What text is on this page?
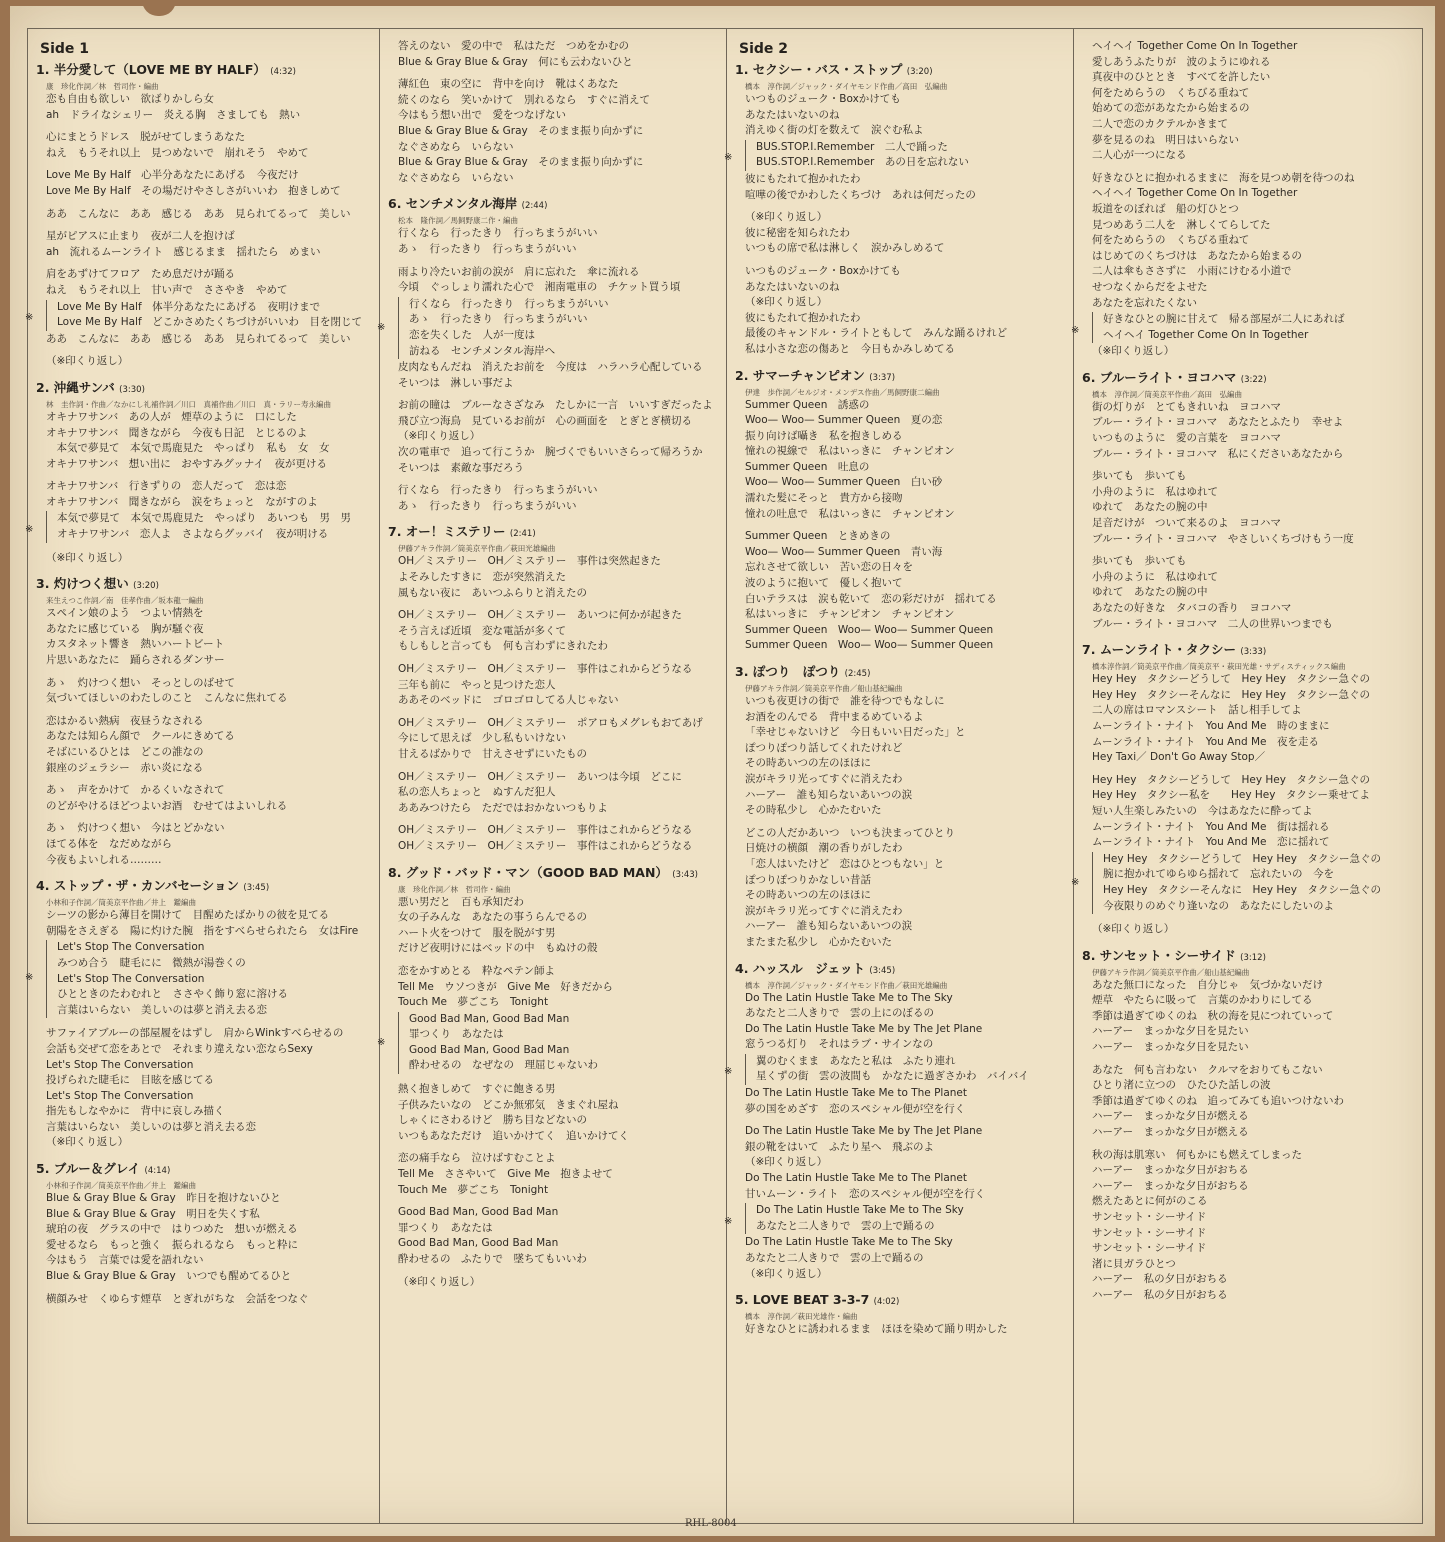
Side 1
1. 半分愛して（LOVE ME BY HALF） (4:32)
康　珍化作詞／林　哲司作・編曲
恋も自由も欲しい　欲ばりかしら女
ah　ドライなシェリー　炎える胸　さましても　熱い
心にまとうドレス　脱がせてしまうあなた
ねえ　もうそれ以上　見つめないで　崩れそう　やめて
Love Me By Half　心半分あなたにあげる　今夜だけ
Love Me By Half　その場だけやさしさがいいわ　抱きしめて
ああ　こんなに　ああ　感じる　ああ　見られてるって　美しい
星がピアスに止まり　夜が二人を抱けば
ah　流れるムーンライト　感じるまま　揺れたら　めまい
肩をあずけてフロア　ため息だけが踊る
ねえ　もうそれ以上　甘い声で　ささやき　やめて
※
Love Me By Half　体半分あなたにあげる　夜明けまで
Love Me By Half　どこかさめたくちづけがいいわ　目を閉じて
ああ　こんなに　ああ　感じる　ああ　見られてるって　美しい
（※印くり返し）
2. 沖縄サンバ (3:30)
林　圭作詞・作曲／なかにし礼補作詞／川口　真補作曲／川口　真・ラリー寿永編曲
オキナワサンバ　あの人が　煙草のように　口にした
オキナワサンバ　聞きながら　今夜も日記　とじるのよ
　本気で夢見て　本気で馬鹿見た　やっぱり　私も　女　女
オキナワサンバ　想い出に　おやすみグッナイ　夜が更ける
オキナワサンバ　行きずりの　恋人だって　恋は恋
オキナワサンバ　聞きながら　涙をちょっと　ながすのよ
※
本気で夢見て　本気で馬鹿見た　やっぱり　あいつも　男　男
オキナワサンバ　恋人よ　さよならグッバイ　夜が明ける
（※印くり返し）
3. 灼けつく想い (3:20)
来生えつこ作詞／南　佳孝作曲／坂本龍一編曲
スペイン娘のよう　つよい情熱を
あなたに感じている　胸が騒ぐ夜
カスタネット響き　熱いハートビート
片思いあなたに　踊らされるダンサー
あゝ　灼けつく想い　そっとしのばせて
気づいてほしいのわたしのこと　こんなに焦れてる
恋はかるい熱病　夜昼うなされる
あなたは知らん顔で　クールにきめてる
そばにいるひとは　どこの誰なの
銀座のジェラシー　赤い炎になる
あゝ　声をかけて　かるくいなされて
のどがやけるほどつよいお酒　むせてはよいしれる
あゝ　灼けつく想い　今はとどかない
ほてる体を　なだめながら
今夜もよいしれる………
4. ストップ・ザ・カンバセーション (3:45)
小林和子作詞／筒美京平作曲／井上　鑑編曲
シーツの影から薄目を開けて　目醒めたばかりの彼を見てる
朝陽をさえぎる　陽に灼けた腕　指をすべらせられたら　女はFire
※
Let's Stop The Conversation
みつめ合う　睫毛にに　微熱が湯巻くの
Let's Stop The Conversation
ひとときのたわむれと　ささやく飾り窓に溶ける
言葉はいらない　美しいのは夢と消え去る恋
サファイアブルーの部屋履をはずし　肩からWinkすべらせるの
会話も交ぜて恋をあとで　それまり違えない恋ならSexy
Let's Stop The Conversation
投げられた睫毛に　目眩を感じてる
Let's Stop The Conversation
指先もしなやかに　背中に哀しみ描く
言葉はいらない　美しいのは夢と消え去る恋
（※印くり返し）
5. ブルー＆グレイ (4:14)
小林和子作詞／筒美京平作曲／井上　鑑編曲
Blue & Gray Blue & Gray　昨日を抱けないひと
Blue & Gray Blue & Gray　明日を失くす私
琥珀の夜　グラスの中で　はりつめた　想いが燃える
愛せるなら　もっと強く　振られるなら　もっと粋に
今はもう　言葉では愛を語れない
Blue & Gray Blue & Gray　いつでも醒めてるひと
横顔みせ　くゆらす煙草　とぎれがちな　会話をつなぐ
答えのない　愛の中で　私はただ　つめをかむの
Blue & Gray Blue & Gray　何にも云わないひと
薄紅色　東の空に　背中を向け　靴はくあなた
続くのなら　笑いかけて　別れるなら　すぐに消えて
今はもう想い出で　愛をつなげない
Blue & Gray Blue & Gray　そのまま振り向かずに
なぐさめなら　いらない
Blue & Gray Blue & Gray　そのまま振り向かずに
なぐさめなら　いらない
6. センチメンタル海岸 (2:44)
松本　隆作詞／馬飼野康二作・編曲
行くなら　行ったきり　行っちまうがいい
あゝ　行ったきり　行っちまうがいい
雨より冷たいお前の涙が　肩に忘れた　傘に流れる
今頃　ぐっしょり濡れた心で　湘南電車の　チケット買う頃
※
行くなら　行ったきり　行っちまうがいい
あゝ　行ったきり　行っちまうがいい
恋を失くした　人が一度は
訪ねる　センチメンタル海岸へ
皮肉なもんだね　消えたお前を　今度は　ハラハラ心配している
そいつは　淋しい事だよ
お前の瞳は　ブルーなさざなみ　たしかに一言　いいすぎだったよ
飛び立つ海鳥　見ているお前が　心の画面を　とぎとぎ横切る
（※印くり返し）
次の電車で　追って行こうか　腕づくでもいいさらって帰ろうか
そいつは　素敵な事だろう
行くなら　行ったきり　行っちまうがいい
あゝ　行ったきり　行っちまうがいい
7. オー！ミステリー (2:41)
伊藤アキラ作詞／筒美京平作曲／萩田光雄編曲
OH／ミステリー　OH／ミステリー　事件は突然起きた
よそみしたすきに　恋が突然消えた
風もない夜に　あいつふらりと消えたの
OH／ミステリー　OH／ミステリー　あいつに何かが起きた
そう言えば近頃　変な電話が多くて
もしもしと言っても　何も言わずにきれたわ
OH／ミステリー　OH／ミステリー　事件はこれからどうなる
三年も前に　やっと見つけた恋人
ああそのベッドに　ゴロゴロしてる人じゃない
OH／ミステリー　OH／ミステリー　ポアロもメグレもおてあげ
今にして思えば　少し私もいけない
甘えるばかりで　甘えさせずにいたもの
OH／ミステリー　OH／ミステリー　あいつは今頃　どこに
私の恋人ちょっと　ぬすんだ犯人
ああみつけたら　ただではおかないつもりよ
OH／ミステリー　OH／ミステリー　事件はこれからどうなる
OH／ミステリー　OH／ミステリー　事件はこれからどうなる
8. グッド・バッド・マン（GOOD BAD MAN） (3:43)
康　珍化作詞／林　哲司作・編曲
悪い男だと　百も承知だわ
女の子みんな　あなたの事うらんでるの
ハート火をつけて　服を脱がす男
だけど夜明けにはベッドの中　もぬけの殻
恋をかすめとる　粋なペテン師よ
Tell Me　ウソつきが　Give Me　好きだから
Touch Me　夢ごこち　Tonight
※
Good Bad Man, Good Bad Man
罪つくり　あなたは
Good Bad Man, Good Bad Man
酔わせるの　なぜなの　理屈じゃないわ
熱く抱きしめて　すぐに飽きる男
子供みたいなの　どこか無邪気　きまぐれ屋ね
しゃくにさわるけど　勝ち目などないの
いつもあなただけ　追いかけてく　追いかけてく
恋の痛手なら　泣けばすむことよ
Tell Me　ささやいて　Give Me　抱きよせて
Touch Me　夢ごこち　Tonight
Good Bad Man, Good Bad Man
罪つくり　あなたは
Good Bad Man, Good Bad Man
酔わせるの　ふたりで　墜ちてもいいわ
（※印くり返し）
Side 2
1. セクシー・バス・ストップ (3:20)
橋本　淳作詞／ジャック・ダイヤモンド作曲／高田　弘編曲
いつものジューク・Boxかけても
あなたはいないのね
消えゆく街の灯を数えて　涙ぐむ私よ
※
BUS.STOP.I.Remember　二人で踊った
BUS.STOP.I.Remember　あの日を忘れない
彼にもたれて抱かれたわ
喧嘩の後でかわしたくちづけ　あれは何だったの
（※印くり返し）
彼に秘密を知られたわ
いつもの席で私は淋しく　涙かみしめるて
いつものジューク・Boxかけても
あなたはいないのね
（※印くり返し）
彼にもたれて抱かれたわ
最後のキャンドル・ライトともして　みんな踊るけれど
私は小さな恋の傷あと　今日もかみしめてる
2. サマーチャンピオン (3:37)
伊達　歩作詞／セルジオ・メンデス作曲／馬飼野康二編曲
Summer Queen　誘惑の
Woo— Woo— Summer Queen　夏の恋
振り向けば囁き　私を抱きしめる
憧れの視線で　私はいっきに　チャンピオン
Summer Queen　吐息の
Woo— Woo— Summer Queen　白い砂
濡れた髪にそっと　貴方から接吻
憧れの吐息で　私はいっきに　チャンピオン
Summer Queen　ときめきの
Woo— Woo— Summer Queen　青い海
忘れさせて欲しい　苦い恋の日々を
波のように抱いて　優しく抱いて
白いテラスは　涙も乾いて　恋の彩だけが　揺れてる
私はいっきに　チャンピオン　チャンピオン
Summer Queen　Woo— Woo— Summer Queen
Summer Queen　Woo— Woo— Summer Queen
3. ぽつり　ぽつり (2:45)
伊藤アキラ作詞／筒美京平作曲／船山基紀編曲
いつも夜更けの街で　誰を待つでもなしに
お酒をのんでる　背中まるめているよ
「幸せじゃないけど　今日もいい日だった」と
ぽつりぽつり話してくれたけれど
その時あいつの左のほほに
涙がキラリ光ってすぐに消えたわ
ハーアー　誰も知らないあいつの涙
その時私少し　心かたむいた
どこの人だかあいつ　いつも決まってひとり
日焼けの横顔　潮の香りがしたわ
「恋人はいたけど　恋はひとつもない」と
ぽつりぽつりかなしい昔話
その時あいつの左のほほに
涙がキラリ光ってすぐに消えたわ
ハーアー　誰も知らないあいつの涙
またまた私少し　心かたむいた
4. ハッスル　ジェット (3:45)
橋本　淳作詞／ジャック・ダイヤモンド作曲／萩田光雄編曲
Do The Latin Hustle Take Me to The Sky
あなたと二人きりで　雲の上にのぼるの
Do The Latin Hustle Take Me by The Jet Plane
窓うつる灯り　それはラブ・サインなの
※
翼のむくまま　あなたと私は　ふたり連れ
星くずの街　雲の波間も　かなたに過ぎさかわ　バイバイ
Do The Latin Hustle Take Me to The Planet
夢の国をめざす　恋のスペシャル便が空を行く
Do The Latin Hustle Take Me by The Jet Plane
銀の靴をはいて　ふたり星へ　飛ぶのよ
（※印くり返し）
Do The Latin Hustle Take Me to The Planet
甘いムーン・ライト　恋のスペシャル便が空を行く
※
Do The Latin Hustle Take Me to The Sky
あなたと二人きりで　雲の上で踊るの
Do The Latin Hustle Take Me to The Sky
あなたと二人きりで　雲の上で踊るの
（※印くり返し）
5. LOVE BEAT 3-3-7 (4:02)
橋本　淳作詞／萩田光雄作・編曲
好きなひとに誘われるまま　ほほを染めて踊り明かした
ヘイヘイ Together Come On In Together
愛しあうふたりが　波のようにゆれる
真夜中のひととき　すべてを許したい
何をためらうの　くちびる重ねて
始めての恋があなたから始まるの
二人で恋のカクテルかきまて
夢を見るのね　明日はいらない
二人心が一つになる
好きなひとに抱かれるままに　海を見つめ朝を待つのね
ヘイヘイ Together Come On In Together
坂道をのぼれば　船の灯ひとつ
見つめあう二人を　淋しくてらしてた
何をためらうの　くちびる重ねて
はじめてのくちづけは　あなたから始まるの
二人は傘もささずに　小雨にけむる小道で
せつなくからだをよせた
あなたを忘れたくない
※
好きなひとの腕に甘えて　帰る部屋が二人にあれば
ヘイヘイ Together Come On In Together
（※印くり返し）
6. ブルーライト・ヨコハマ (3:22)
橋本　淳作詞／筒美京平作曲／高田　弘編曲
街の灯りが　とてもきれいね　ヨコハマ
ブルー・ライト・ヨコハマ　あなたとふたり　幸せよ
いつものように　愛の言葉を　ヨコハマ
ブルー・ライト・ヨコハマ　私にくださいあなたから
歩いても　歩いても
小舟のように　私はゆれて
ゆれて　あなたの腕の中
足音だけが　ついて来るのよ　ヨコハマ
ブルー・ライト・ヨコハマ　やさしいくちづけもう一度
歩いても　歩いても
小舟のように　私はゆれて
ゆれて　あなたの腕の中
あなたの好きな　タバコの香り　ヨコハマ
ブルー・ライト・ヨコハマ　二人の世界いつまでも
7. ムーンライト・タクシー (3:33)
橋本淳作詞／筒美京平作曲／筒美京平・萩田光雄・サディスティックス編曲
Hey Hey　タクシーどうして　Hey Hey　タクシー急ぐの
Hey Hey　タクシーそんなに　Hey Hey　タクシー急ぐの
二人の席はロマンスシート　話し相手してよ
ムーンライト・ナイト　You And Me　時のままに
ムーンライト・ナイト　You And Me　夜を走る
Hey Taxi／ Don't Go Away Stop／
Hey Hey　タクシーどうして　Hey Hey　タクシー急ぐの
Hey Hey　タクシー私を　　Hey Hey　タクシー乗せてよ
短い人生楽しみたいの　今はあなたに酔ってよ
ムーンライト・ナイト　You And Me　街は揺れる
ムーンライト・ナイト　You And Me　恋に揺れて
※
Hey Hey　タクシーどうして　Hey Hey　タクシー急ぐの
腕に抱かれてゆらゆら揺れて　忘れたいの　今を
Hey Hey　タクシーそんなに　Hey Hey　タクシー急ぐの
今夜限りのめぐり逢いなの　あなたにしたいのよ
（※印くり返し）
8. サンセット・シーサイド (3:12)
伊藤アキラ作詞／筒美京平作曲／船山基紀編曲
あなた無口になった　自分じゃ　気づかないだけ
煙草　やたらに吸って　言葉のかわりにしてる
季節は過ぎてゆくのね　秋の海を見につれていって
ハーアー　まっかな夕日を見たい
ハーアー　まっかな夕日を見たい
あなた　何も言わない　クルマをおりてもこない
ひとり渚に立つの　ひたひた話しの波
季節は過ぎてゆくのね　追ってみても追いつけないわ
ハーアー　まっかな夕日が燃える
ハーアー　まっかな夕日が燃える
秋の海は肌寒い　何もかにも燃えてしまった
ハーアー　まっかな夕日がおちる
ハーアー　まっかな夕日がおちる
燃えたあとに何がのこる
サンセット・シーサイド
サンセット・シーサイド
サンセット・シーサイド
渚に貝ガラひとつ
ハーアー　私の夕日がおちる
ハーアー　私の夕日がおちる
RHL-8004
